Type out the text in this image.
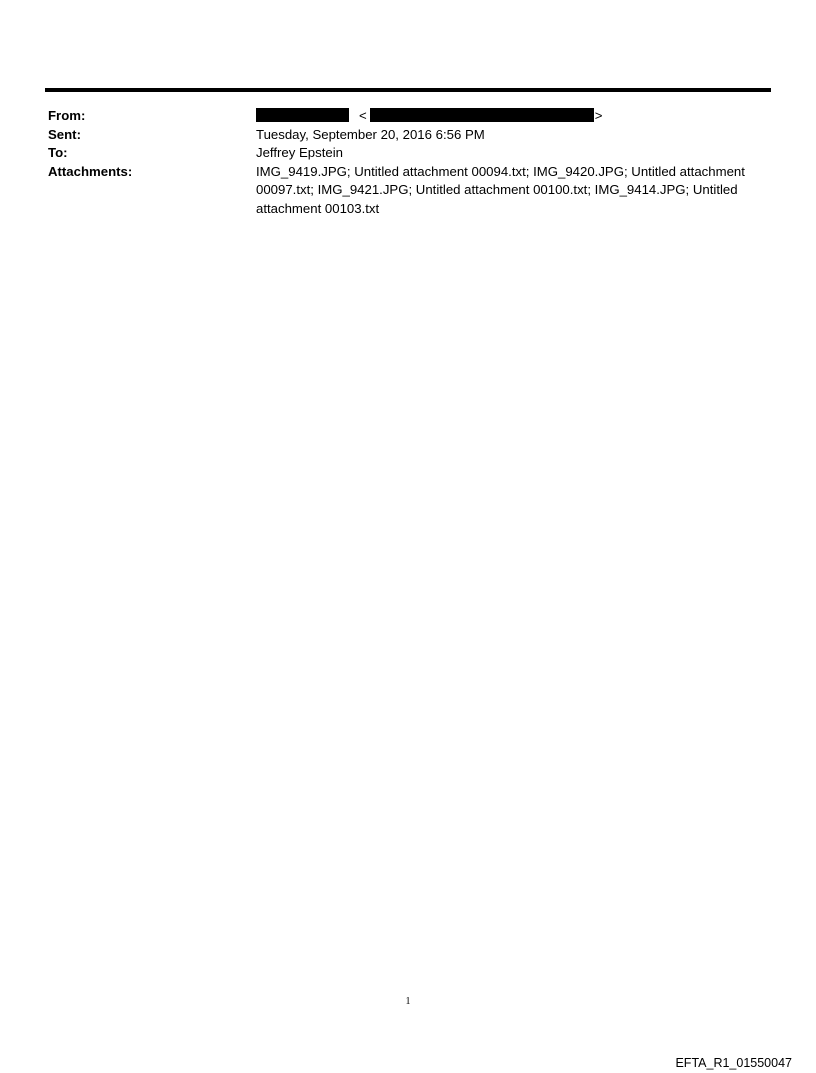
From:	<	>
Sent:	Tuesday, September 20, 2016 6:56 PM
To:	Jeffrey Epstein
Attachments:	IMG_9419.JPG; Untitled attachment 00094.txt; IMG_9420.JPG; Untitled attachment 00097.txt; IMG_9421.JPG; Untitled attachment 00100.txt; IMG_9414.JPG; Untitled attachment 00103.txt
1
EFTA_R1_01550047
